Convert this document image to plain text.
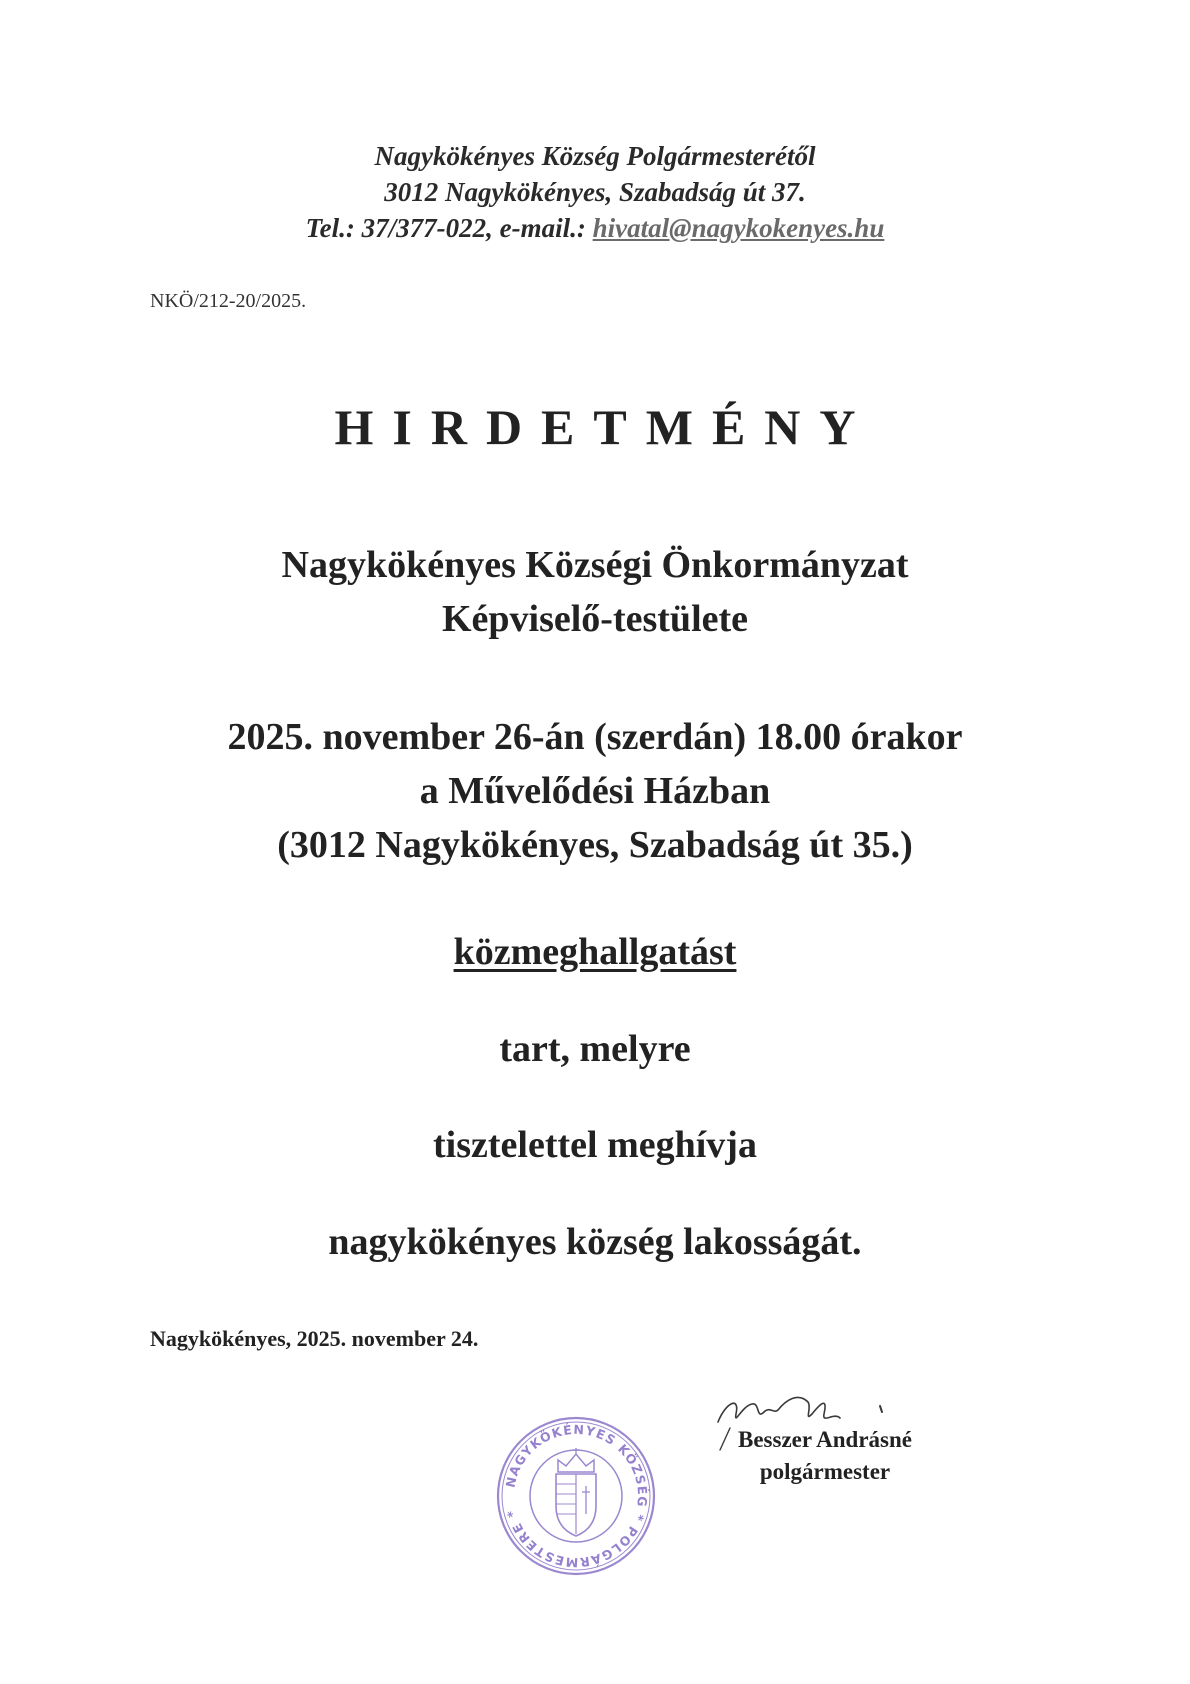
Nagykökényes Község Polgármesterétől
3012 Nagykökényes, Szabadság út 37.
Tel.: 37/377-022, e-mail.: hivatal@nagykokenyes.hu
NKÖ/212-20/2025.
HIRDETMÉNY
Nagykökényes Községi Önkormányzat
Képviselő-testülete
2025. november 26-án (szerdán) 18.00 órakor
a Művelődési Házban
(3012 Nagykökényes, Szabadság út 35.)
közmeghallgatást
tart, melyre
tisztelettel meghívja
nagykökényes község lakosságát.
Nagykökényes, 2025. november 24.
NAGYKÖKÉNYES KÖZSÉG * POLGÁRMESTERE *
Besszer Andrásné
polgármester
